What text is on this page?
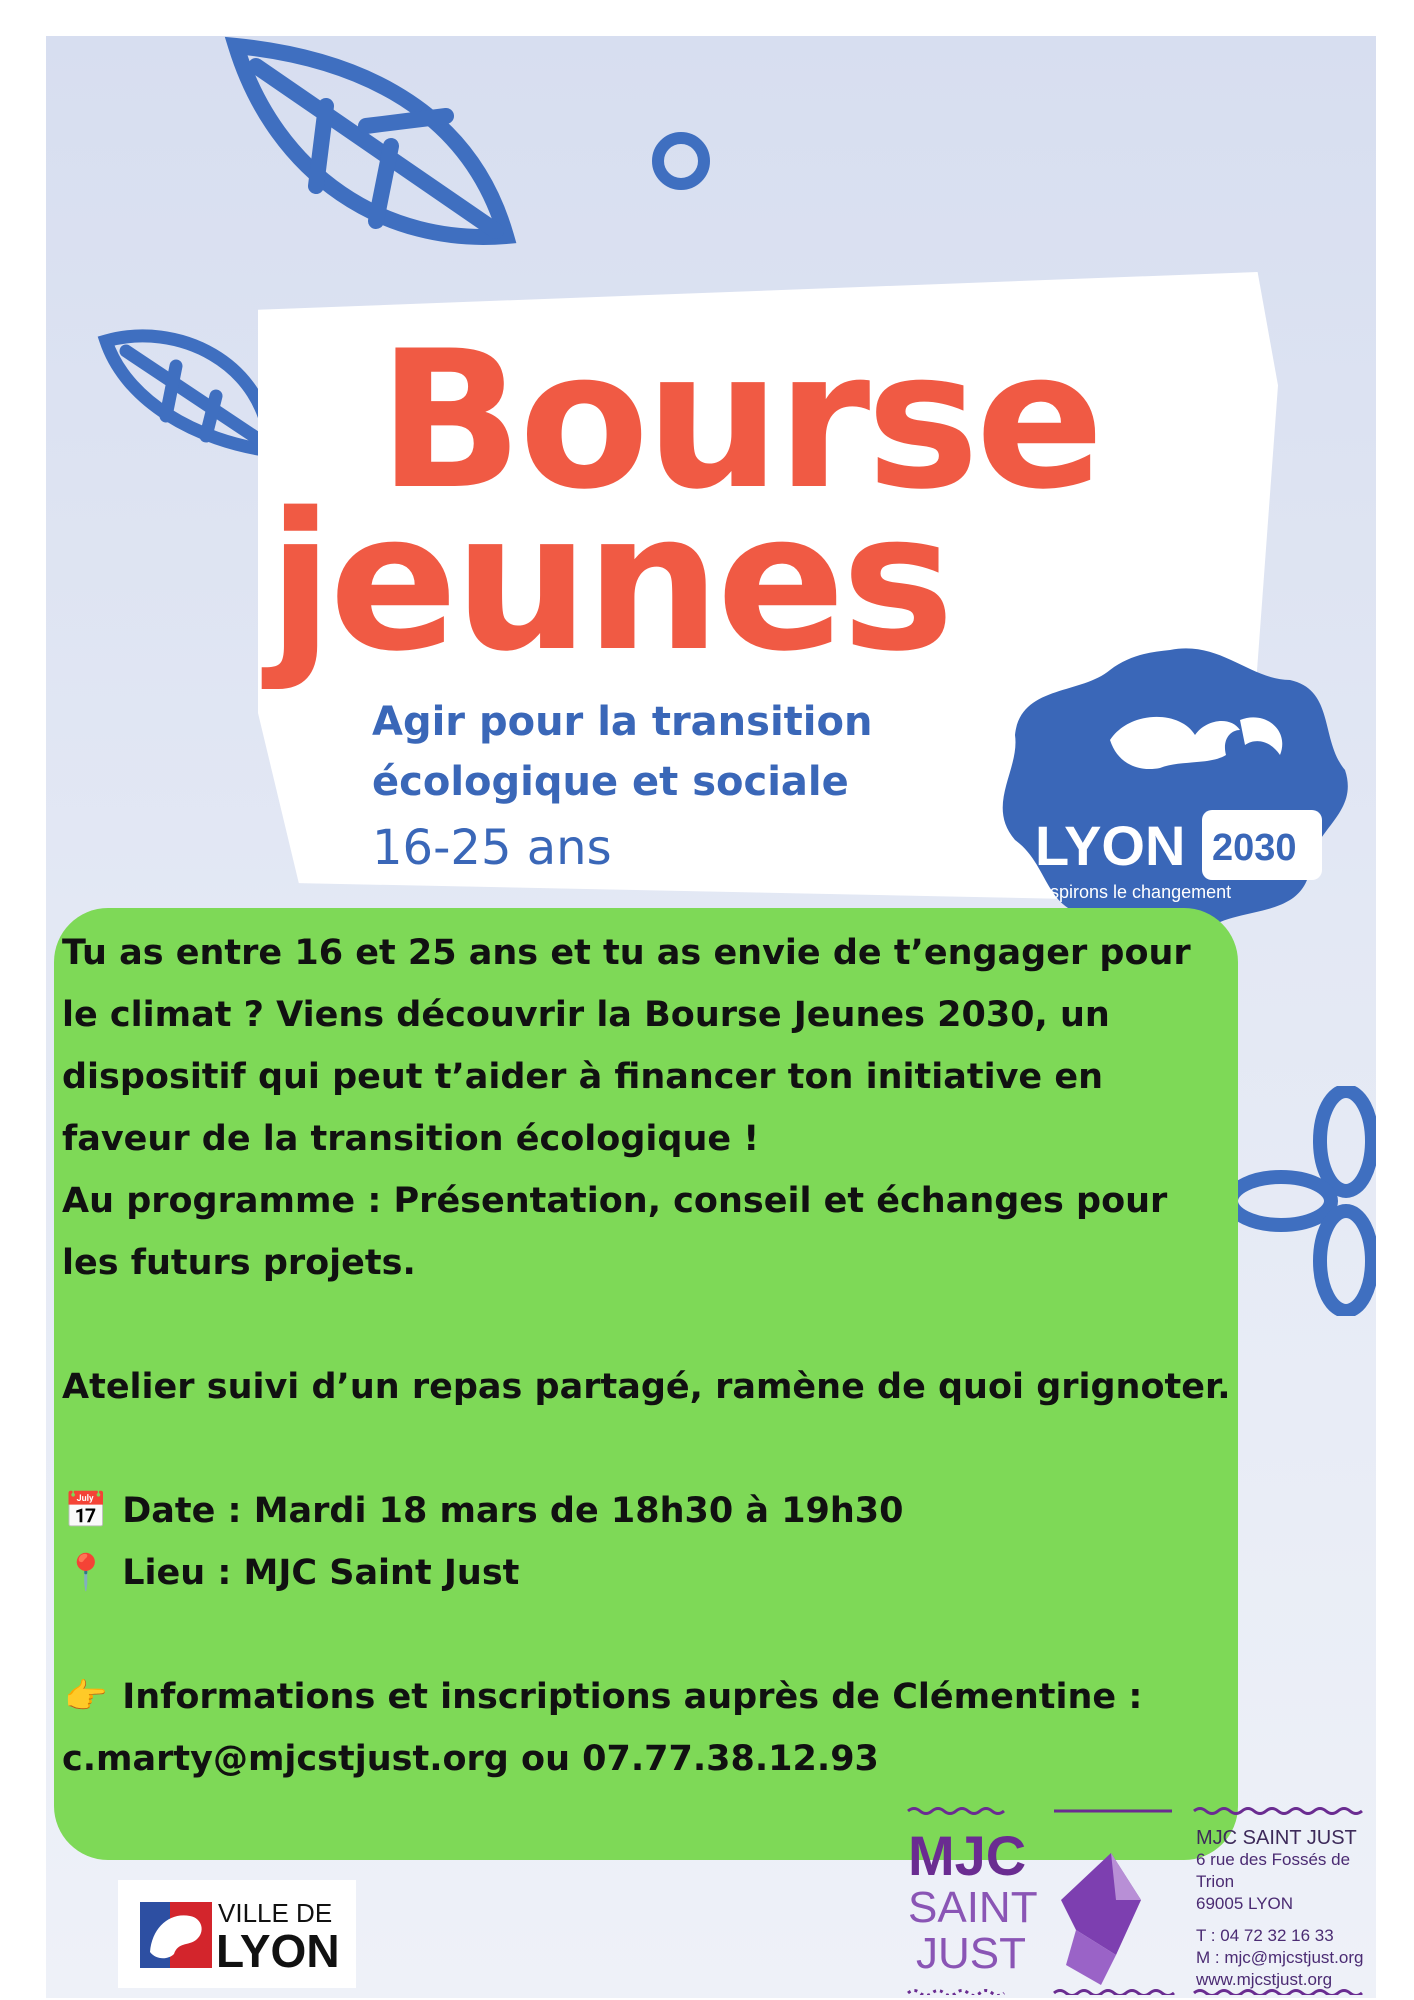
Bourse
jeunes
Agir pour la transition
écologique et sociale
16-25 ans	LYON 2030
Inspirons le changement

Tu as entre 16 et 25 ans et tu as envie de t’engager pour le climat ? Viens découvrir la Bourse Jeunes 2030, un dispositif qui peut t’aider à financer ton initiative en faveur de la transition écologique !

Au programme : Présentation, conseil et échanges pour les futurs projets.

Atelier suivi d’un repas partagé, ramène de quoi grignoter.

📅 Date : Mardi 18 mars de 18h30 à 19h30

📍 Lieu : MJC Saint Just

👉 Informations et inscriptions auprès de Clémentine :

c.marty@mjcstjust.org ou 07.77.38.12.93

VILLE DE
LYON
MJC
SAINT
JUST
MJC SAINT JUST
6 rue des Fossés de Trion
69005 LYON
T : 04 72 32 16 33
M : mjc@mjcstjust.org
www.mjcstjust.org
